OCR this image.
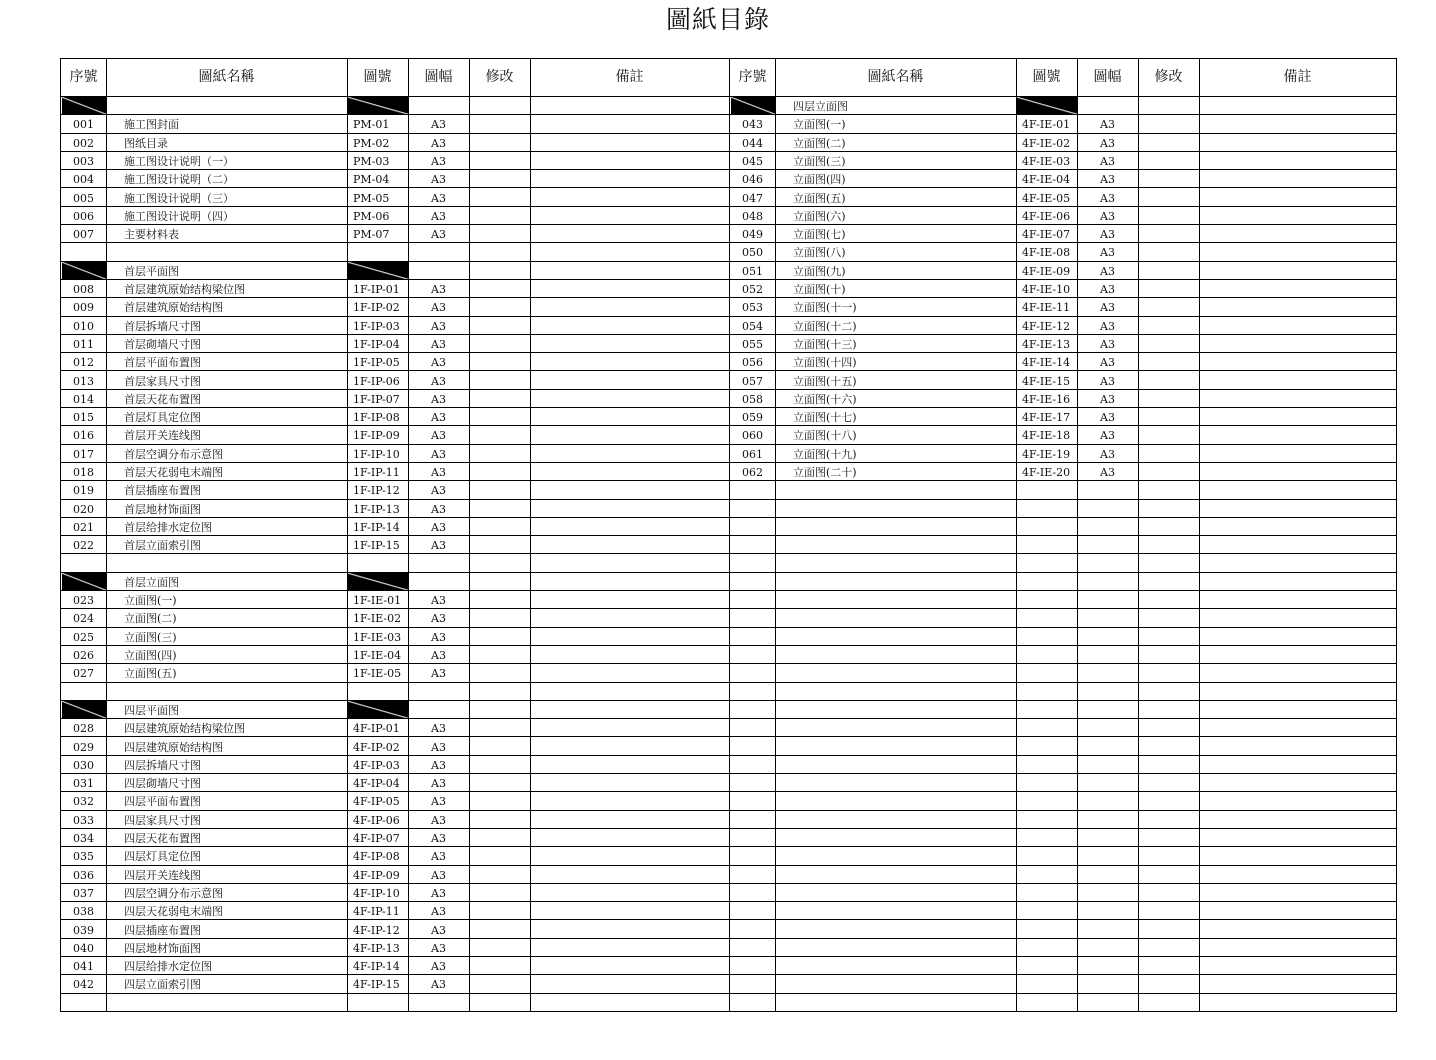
圖紙目錄
序號	圖紙名稱	圖號	圖幅	修改	備註
001	施工图封面	PM-01	A3
002	图纸目录	PM-02	A3
003	施工图设计说明（一）	PM-03	A3
004	施工图设计说明（二）	PM-04	A3
005	施工图设计说明（三）	PM-05	A3
006	施工图设计说明（四）	PM-06	A3
007	主要材料表	PM-07	A3
首层平面图
008	首层建筑原始结构梁位图	1F-IP-01	A3
009	首层建筑原始结构图	1F-IP-02	A3
010	首层拆墙尺寸图	1F-IP-03	A3
011	首层砌墙尺寸图	1F-IP-04	A3
012	首层平面布置图	1F-IP-05	A3
013	首层家具尺寸图	1F-IP-06	A3
014	首层天花布置图	1F-IP-07	A3
015	首层灯具定位图	1F-IP-08	A3
016	首层开关连线图	1F-IP-09	A3
017	首层空调分布示意图	1F-IP-10	A3
018	首层天花弱电末端图	1F-IP-11	A3
019	首层插座布置图	1F-IP-12	A3
020	首层地材饰面图	1F-IP-13	A3
021	首层给排水定位图	1F-IP-14	A3
022	首层立面索引图	1F-IP-15	A3
首层立面图
023	立面图(一)	1F-IE-01	A3
024	立面图(二)	1F-IE-02	A3
025	立面图(三)	1F-IE-03	A3
026	立面图(四)	1F-IE-04	A3
027	立面图(五)	1F-IE-05	A3
四层平面图
028	四层建筑原始结构梁位图	4F-IP-01	A3
029	四层建筑原始结构图	4F-IP-02	A3
030	四层拆墙尺寸图	4F-IP-03	A3
031	四层砌墙尺寸图	4F-IP-04	A3
032	四层平面布置图	4F-IP-05	A3
033	四层家具尺寸图	4F-IP-06	A3
034	四层天花布置图	4F-IP-07	A3
035	四层灯具定位图	4F-IP-08	A3
036	四层开关连线图	4F-IP-09	A3
037	四层空调分布示意图	4F-IP-10	A3
038	四层天花弱电末端图	4F-IP-11	A3
039	四层插座布置图	4F-IP-12	A3
040	四层地材饰面图	4F-IP-13	A3
041	四层给排水定位图	4F-IP-14	A3
042	四层立面索引图	4F-IP-15	A3
序號	圖紙名稱	圖號	圖幅	修改	備註
四层立面图
043	立面图(一)	4F-IE-01	A3
044	立面图(二)	4F-IE-02	A3
045	立面图(三)	4F-IE-03	A3
046	立面图(四)	4F-IE-04	A3
047	立面图(五)	4F-IE-05	A3
048	立面图(六)	4F-IE-06	A3
049	立面图(七)	4F-IE-07	A3
050	立面图(八)	4F-IE-08	A3
051	立面图(九)	4F-IE-09	A3
052	立面图(十)	4F-IE-10	A3
053	立面图(十一)	4F-IE-11	A3
054	立面图(十二)	4F-IE-12	A3
055	立面图(十三)	4F-IE-13	A3
056	立面图(十四)	4F-IE-14	A3
057	立面图(十五)	4F-IE-15	A3
058	立面图(十六)	4F-IE-16	A3
059	立面图(十七)	4F-IE-17	A3
060	立面图(十八)	4F-IE-18	A3
061	立面图(十九)	4F-IE-19	A3
062	立面图(二十)	4F-IE-20	A3
